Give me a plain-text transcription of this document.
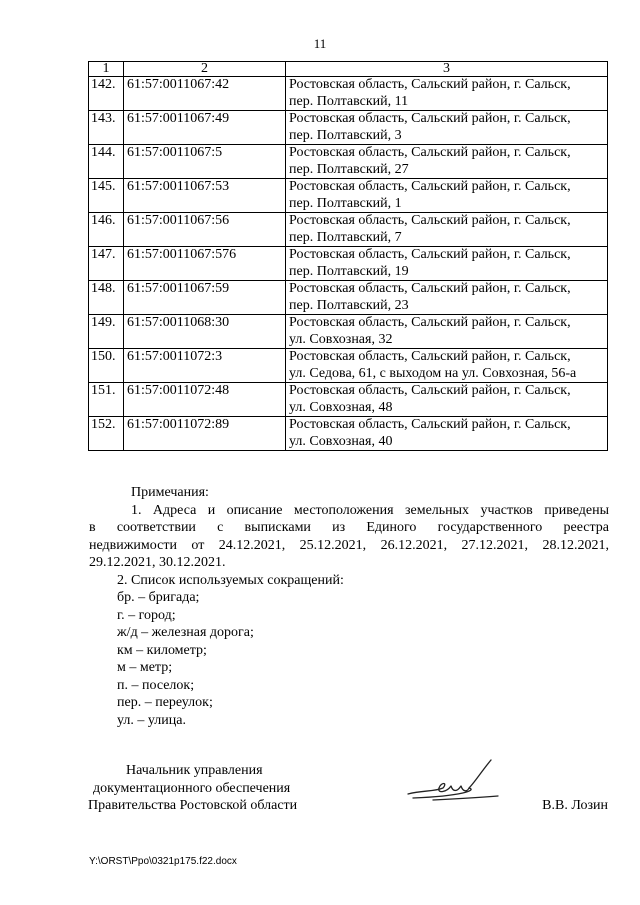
11
1	2	3
142.	61:57:0011067:42	Ростовская область, Сальский район, г. Сальск,
пер. Полтавский, 11

143.	61:57:0011067:49	Ростовская область, Сальский район, г. Сальск,
пер. Полтавский, 3

144.	61:57:0011067:5	Ростовская область, Сальский район, г. Сальск,
пер. Полтавский, 27

145.	61:57:0011067:53	Ростовская область, Сальский район, г. Сальск,
пер. Полтавский, 1

146.	61:57:0011067:56	Ростовская область, Сальский район, г. Сальск,
пер. Полтавский, 7

147.	61:57:0011067:576	Ростовская область, Сальский район, г. Сальск,
пер. Полтавский, 19

148.	61:57:0011067:59	Ростовская область, Сальский район, г. Сальск,
пер. Полтавский, 23

149.	61:57:0011068:30	Ростовская область, Сальский район, г. Сальск,
ул. Совхозная, 32

150.	61:57:0011072:3	Ростовская область, Сальский район, г. Сальск,
ул. Седова, 61, с выходом на ул. Совхозная, 56-а

151.	61:57:0011072:48	Ростовская область, Сальский район, г. Сальск,
ул. Совхозная, 48

152.	61:57:0011072:89	Ростовская область, Сальский район, г. Сальск,
ул. Совхозная, 40

Примечания:

1. Адреса и описание местоположения земельных участков приведены

в соответствии с выписками из Единого государственного реестра

недвижимости от 24.12.2021, 25.12.2021, 26.12.2021, 27.12.2021, 28.12.2021,

29.12.2021, 30.12.2021.

2. Список используемых сокращений:

бр. – бригада;
г. – город;
ж/д – железная дорога;
км – километр;
м – метр;
п. – поселок;
пер. – переулок;
ул. – улица.
Начальник управления
документационного обеспечения
Правительства Ростовской области	В.В. Лозин
Y:\ORST\Ppo\0321p175.f22.docx
